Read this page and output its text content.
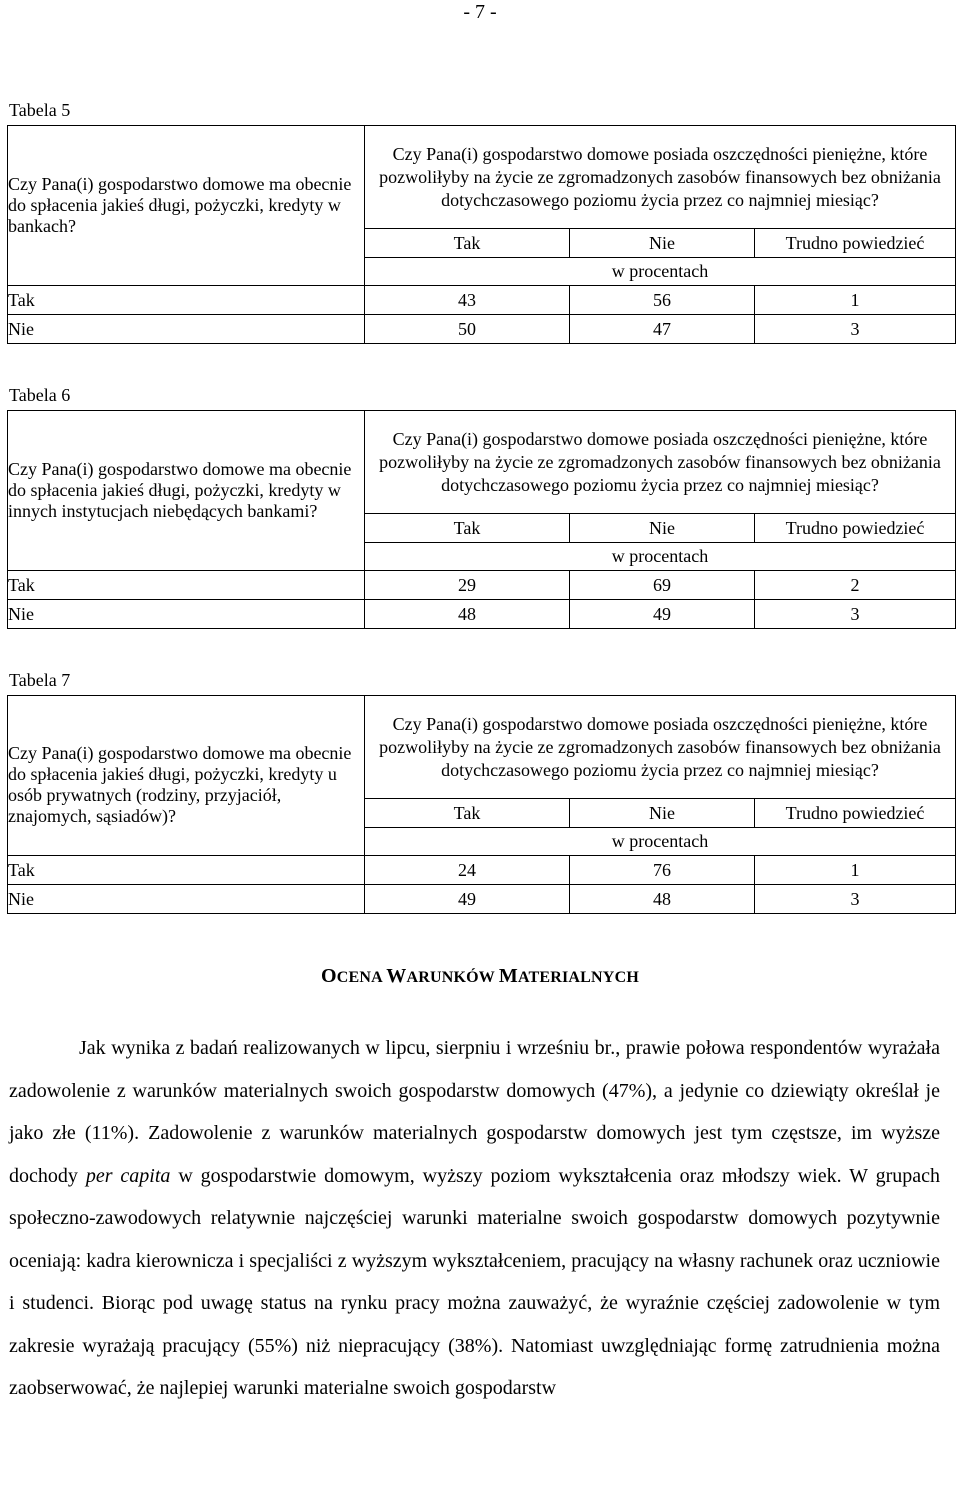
- 7 -
Tabela 5
Czy Pana(i) gospodarstwo domowe ma obecnie do spłacenia jakieś długi, pożyczki, kredyty w bankach?	Czy Pana(i) gospodarstwo domowe posiada oszczędności pieniężne, które pozwoliłyby na życie ze zgromadzonych zasobów finansowych bez obniżania dotychczasowego poziomu życia przez co najmniej miesiąc?		
	Tak	Nie	Trudno powiedzieć
	w procentach		
Tak	43	56	1
Nie	50	47	3
Tabela 6
Czy Pana(i) gospodarstwo domowe ma obecnie do spłacenia jakieś długi, pożyczki, kredyty w innych instytucjach niebędących bankami?	Czy Pana(i) gospodarstwo domowe posiada oszczędności pieniężne, które pozwoliłyby na życie ze zgromadzonych zasobów finansowych bez obniżania dotychczasowego poziomu życia przez co najmniej miesiąc?		
	Tak	Nie	Trudno powiedzieć
	w procentach		
Tak	29	69	2
Nie	48	49	3
Tabela 7
Czy Pana(i) gospodarstwo domowe ma obecnie do spłacenia jakieś długi, pożyczki, kredyty u osób prywatnych (rodziny, przyjaciół, znajomych, sąsiadów)?	Czy Pana(i) gospodarstwo domowe posiada oszczędności pieniężne, które pozwoliłyby na życie ze zgromadzonych zasobów finansowych bez obniżania dotychczasowego poziomu życia przez co najmniej miesiąc?		
	Tak	Nie	Trudno powiedzieć
	w procentach		
Tak	24	76	1
Nie	49	48	3
OCENA WARUNKÓW MATERIALNYCH
Jak wynika z badań realizowanych w lipcu, sierpniu i wrześniu br., prawie połowa respondentów wyrażała zadowolenie z warunków materialnych swoich gospodarstw domowych (47%), a jedynie co dziewiąty określał je jako złe (11%). Zadowolenie z warunków materialnych gospodarstw domowych jest tym częstsze, im wyższe dochody per capita w gospodarstwie domowym, wyższy poziom wykształcenia oraz młodszy wiek. W grupach społeczno-zawodowych relatywnie najczęściej warunki materialne swoich gospodarstw domowych pozytywnie oceniają: kadra kierownicza i specjaliści z wyższym wykształceniem, pracujący na własny rachunek oraz uczniowie i studenci. Biorąc pod uwagę status na rynku pracy można zauważyć, że wyraźnie częściej zadowolenie w tym zakresie wyrażają pracujący (55%) niż niepracujący (38%). Natomiast uwzględniając formę zatrudnienia można zaobserwować, że najlepiej warunki materialne swoich gospodarstw
